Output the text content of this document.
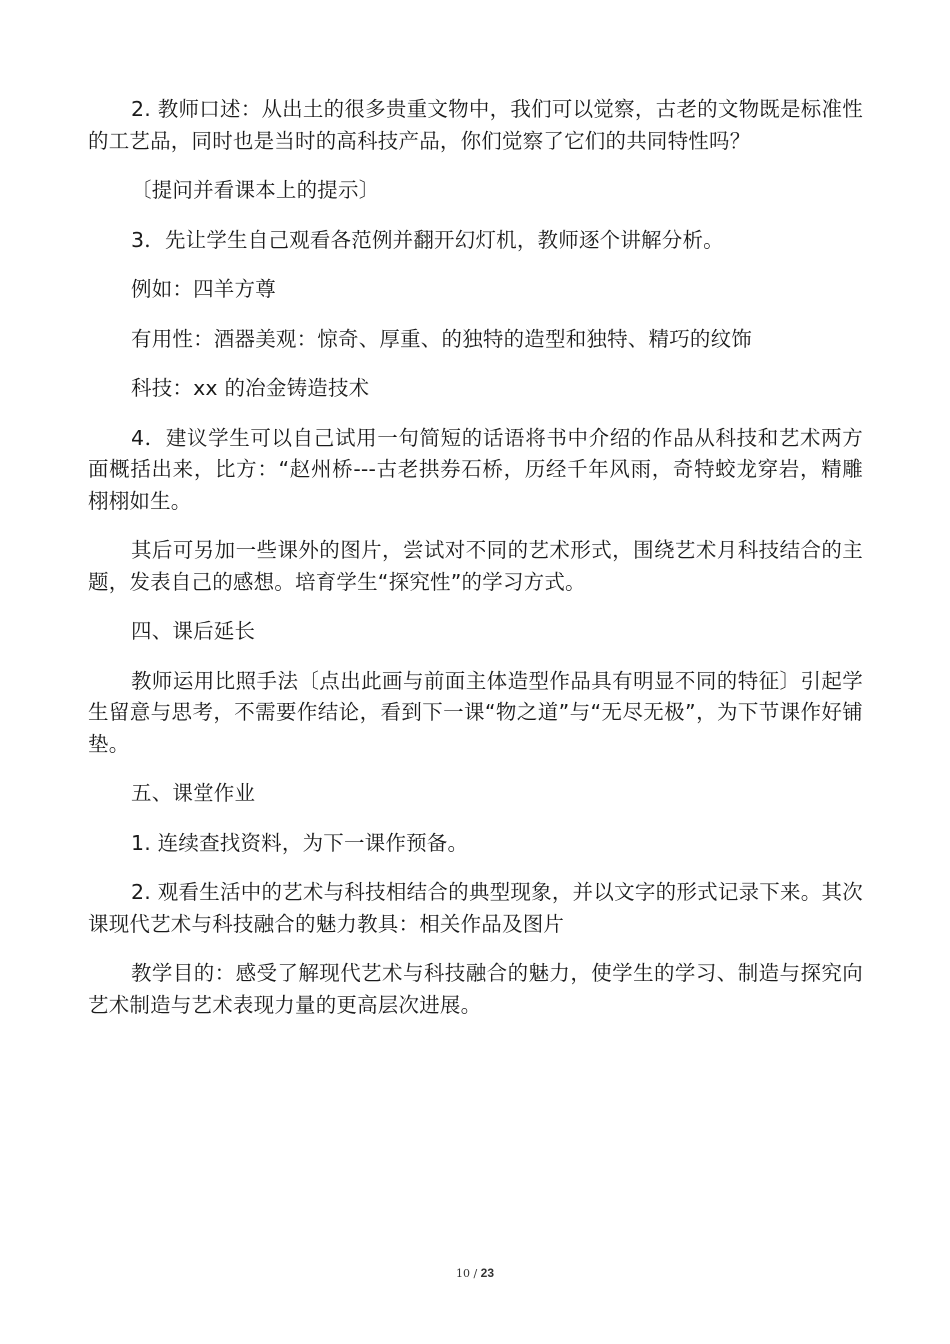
2. 教师口述：从出土的很多贵重文物中，我们可以觉察，古老的文物既是标准性的工艺品，同时也是当时的高科技产品，你们觉察了它们的共同特性吗？

〔提问并看课本上的提示〕

3．先让学生自己观看各范例并翻开幻灯机，教师逐个讲解分析。

例如：四羊方尊

有用性：酒器美观：惊奇、厚重、的独特的造型和独特、精巧的纹饰

科技：xx 的冶金铸造技术

4．建议学生可以自己试用一句简短的话语将书中介绍的作品从科技和艺术两方面概括出来，比方：“赵州桥---古老拱券石桥，历经千年风雨，奇特蛟龙穿岩，精雕栩栩如生。

其后可另加一些课外的图片，尝试对不同的艺术形式，围绕艺术月科技结合的主题，发表自己的感想。培育学生“探究性”的学习方式。

四、课后延长

教师运用比照手法〔点出此画与前面主体造型作品具有明显不同的特征〕引起学生留意与思考，不需要作结论，看到下一课“物之道”与“无尽无极”，为下节课作好铺垫。

五、课堂作业

1. 连续查找资料，为下一课作预备。

2. 观看生活中的艺术与科技相结合的典型现象，并以文字的形式记录下来。其次课现代艺术与科技融合的魅力教具：相关作品及图片

教学目的：感受了解现代艺术与科技融合的魅力，使学生的学习、制造与探究向艺术制造与艺术表现力量的更高层次进展。

10 / 23
